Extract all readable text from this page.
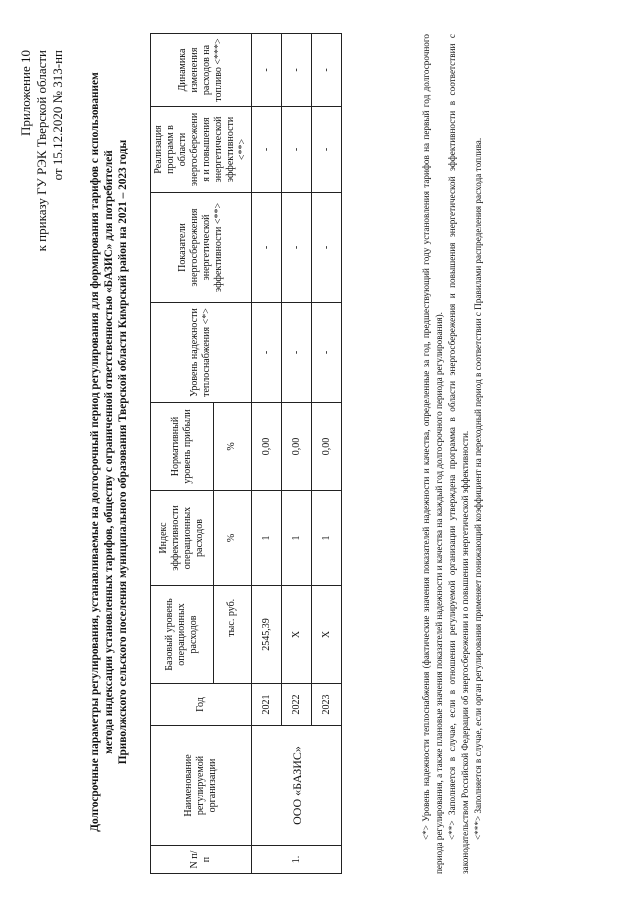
Приложение 10 к приказу ГУ РЭК Тверской области от 15.12.2020 № 313-нп Долгосрочные параметры регулирования, устанавливаемые на долгосрочный период регулирования для формирования тарифов с использованием метода индексации установленных тарифов, обществу с ограниченной ответственностью «БАЗИС» для потребителей Приволжского сельского поселения муниципального образования Тверской области Кимрский район на 2021 – 2023 годы
N п/п	Наименование регулируемой организации	Год	Базовый уровень операционных расходов		Индекс эффективности операционных расходов	Нормативный уровень прибыли	Уровень надежности теплоснабжения <*>	Показатели энергосбережения энергетической эффективности <**>	Реализация программ в области энергосбережени я и повышения энергетической эффективности <**>	Динамика изменения расходов на топливо <***>
				тыс. руб.	%	%				
1.	ООО «БАЗИС»	2021	2545,39		1	0,00	-	-	-	-
		2022	Х		1	0,00	-	-	-	-
		2023	Х		1	0,00	-	-	-	-	<*> Уровень надежности теплоснабжения (фактические значения показателей надежности и качества, определенные за год, предшествующий году установления тарифов на первый год долгосрочного периода регулирования, а также плановые значения показателей надежности и качества на каждый год долгосрочного периода регулирования). <**> Заполняется в случае, если в отношении регулируемой организации утверждена программа в области энергосбережения и повышения энергетической эффективности в соответствии с законодательством Российской Федерации об энергосбережении и о повышении энергетической эффективности. <***> Заполняется в случае, если орган регулирования применяет понижающий коэффициент на переходный период в соответствии с Правилами распределения расхода топлива.
